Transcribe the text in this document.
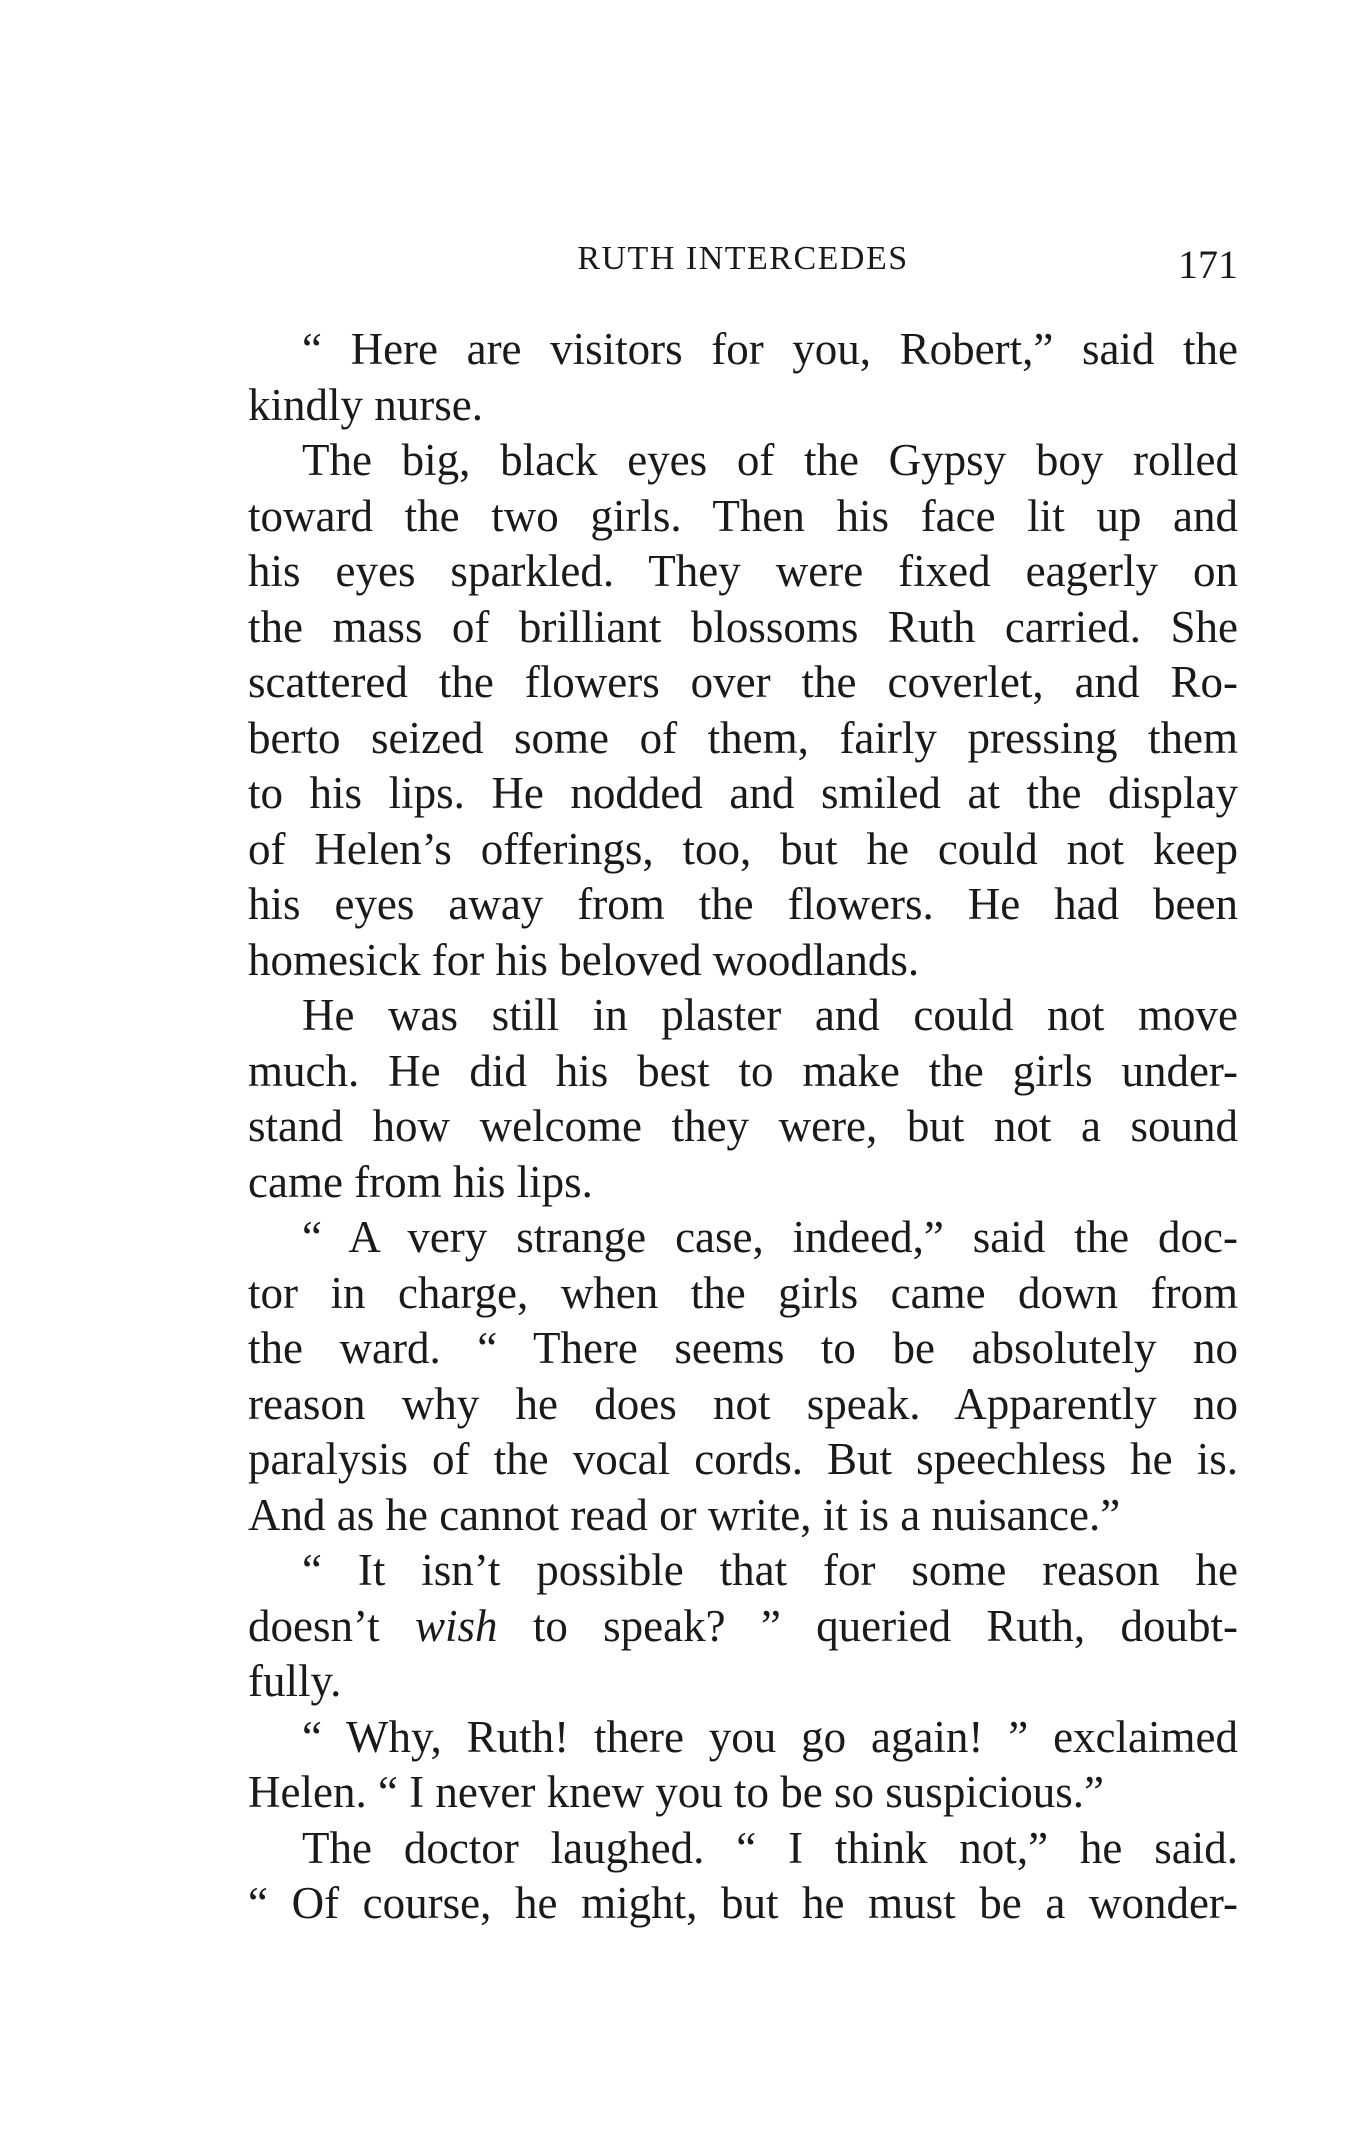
RUTH INTERCEDES	171
“ Here are visitors for you, Robert,” said the
kindly nurse.
The big, black eyes of the Gypsy boy rolled
toward the two girls. Then his face lit up and
his eyes sparkled. They were fixed eagerly on
the mass of brilliant blossoms Ruth carried. She
scattered the flowers over the coverlet, and Ro-
berto seized some of them, fairly pressing them
to his lips. He nodded and smiled at the display
of Helen’s offerings, too, but he could not keep
his eyes away from the flowers. He had been
homesick for his beloved woodlands.
He was still in plaster and could not move
much. He did his best to make the girls under-
stand how welcome they were, but not a sound
came from his lips.
“ A very strange case, indeed,” said the doc-
tor in charge, when the girls came down from
the ward. “ There seems to be absolutely no
reason why he does not speak. Apparently no
paralysis of the vocal cords. But speechless he is.
And as he cannot read or write, it is a nuisance.”
“ It isn’t possible that for some reason he
doesn’t wish to speak? ” queried Ruth, doubt-
fully.
“ Why, Ruth! there you go again! ” exclaimed
Helen. “ I never knew you to be so suspicious.”
The doctor laughed. “ I think not,” he said.
“ Of course, he might, but he must be a wonder-
